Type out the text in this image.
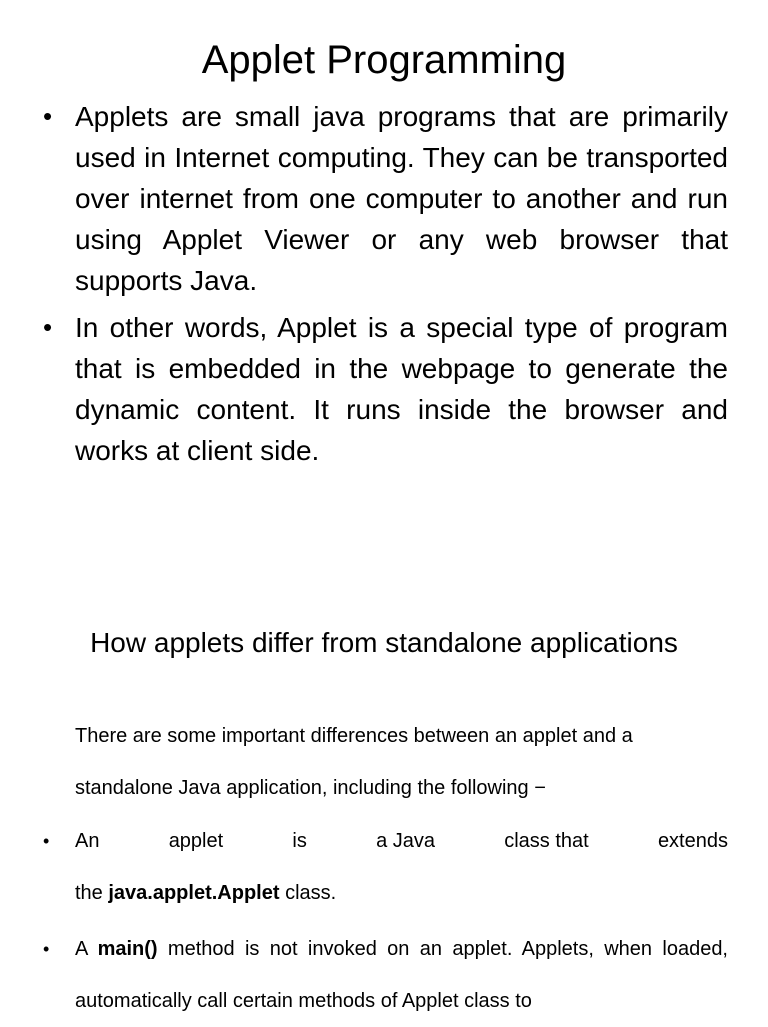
Applet Programming
• Applets are small java programs that are primarily used in Internet computing. They can be transported over internet from one computer to another and run using Applet Viewer or any web browser that supports Java.
• In other words, Applet is a special type of program that is embedded in the webpage to generate the dynamic content. It runs inside the browser and works at client side.
How applets differ from standalone applications

There are some important differences between an applet and a standalone Java application, including the following −

• An	applet	is	a Java	class that	extends
the java.applet.Applet class.
• A main() method is not invoked on an applet. Applets, when loaded, automatically call certain methods of Applet class to
